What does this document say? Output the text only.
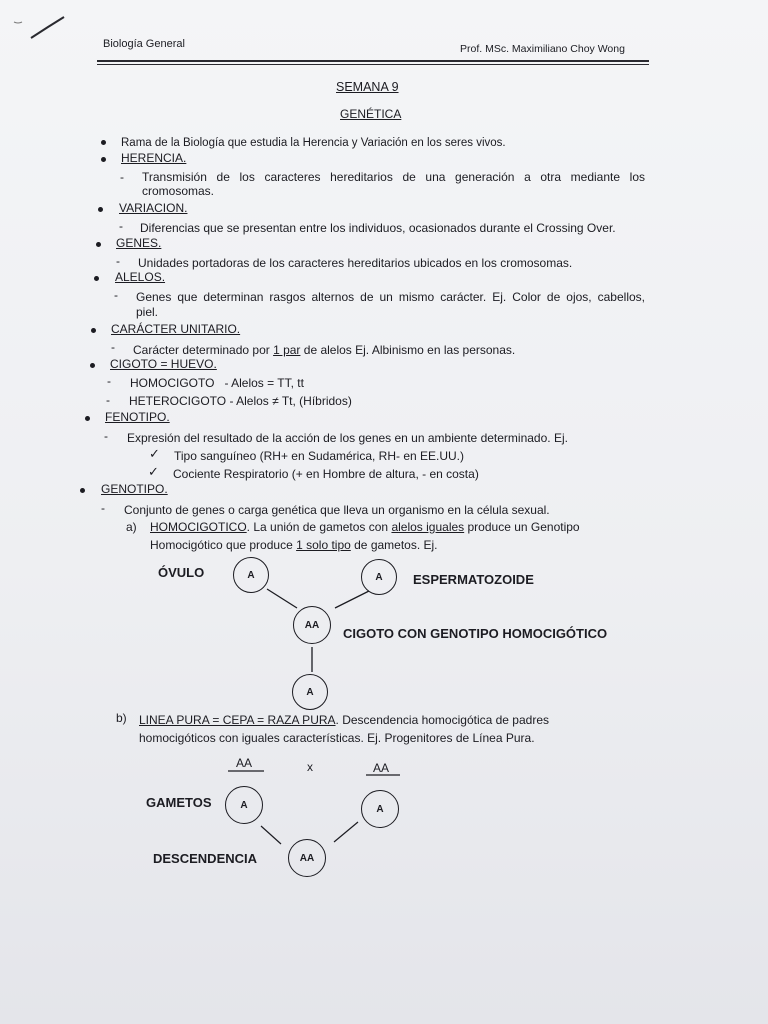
Biología General	Prof. MSc. Maximiliano Choy Wong
SEMANA 9
GENÉTICA
Rama de la Biología que estudia la Herencia y Variación en los seres vivos.
HERENCIA.
- Transmisión de los caracteres hereditarios de una generación a otra mediante los
cromosomas.
VARIACION.
- Diferencias que se presentan entre los individuos, ocasionados durante el Crossing Over.
GENES.
- Unidades portadoras de los caracteres hereditarios ubicados en los cromosomas.
ALELOS.
- Genes que determinan rasgos alternos de un mismo carácter. Ej. Color de ojos, cabellos,
piel.
CARÁCTER UNITARIO.
- Carácter determinado por 1 par de alelos Ej. Albinismo en las personas.
CIGOTO = HUEVO.
- HOMOCIGOTO   - Alelos = TT, tt
- HETEROCIGOTO - Alelos ≠ Tt, (Híbridos)
FENOTIPO.
- Expresión del resultado de la acción de los genes en un ambiente determinado. Ej.
✓ Tipo sanguíneo (RH+ en Sudamérica, RH- en EE.UU.)
✓ Cociente Respiratorio (+ en Hombre de altura, - en costa)
GENOTIPO.
- Conjunto de genes o carga genética que lleva un organismo en la célula sexual.
a) HOMOCIGOTICO. La unión de gametos con alelos iguales produce un Genotipo
Homocigótico que produce 1 solo tipo de gametos. Ej.
ÓVULO	A	A	ESPERMATOZOIDE
AA
CIGOTO CON GENOTIPO HOMOCIGÓTICO
A
b) LINEA PURA = CEPA = RAZA PURA. Descendencia homocigótica de padres
homocigóticos con iguales características. Ej. Progenitores de Línea Pura.
AA	x	AA
GAMETOS	A	A
DESCENDENCIA	AA
